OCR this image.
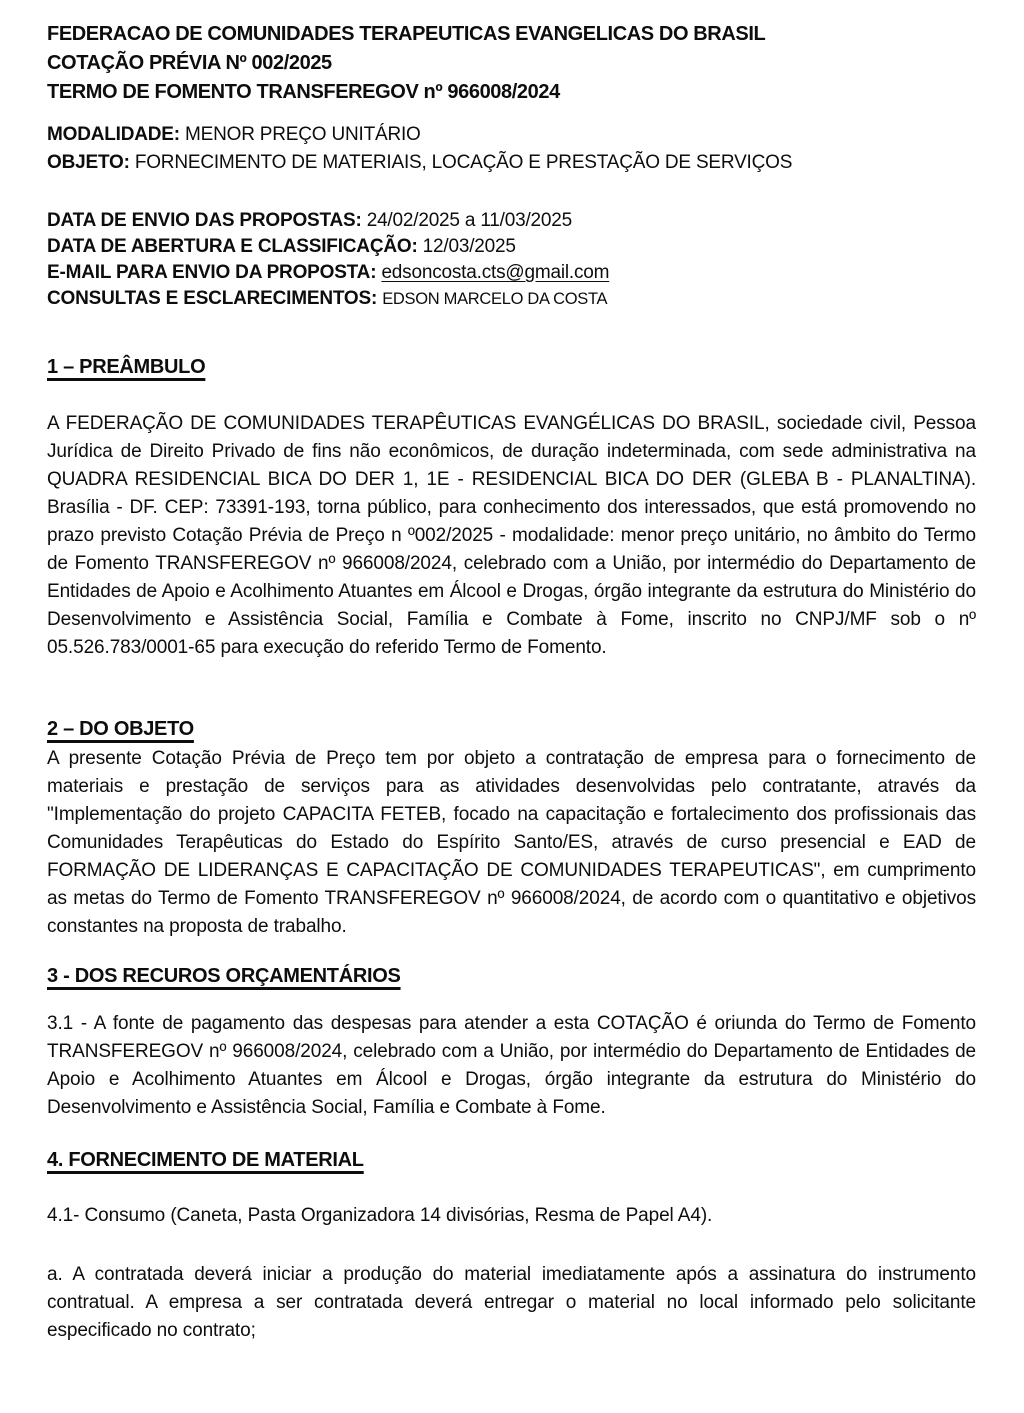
FEDERACAO DE COMUNIDADES TERAPEUTICAS EVANGELICAS DO BRASIL
COTAÇÃO PRÉVIA Nº 002/2025
TERMO DE FOMENTO TRANSFEREGOV nº 966008/2024
MODALIDADE: MENOR PREÇO UNITÁRIO
OBJETO: FORNECIMENTO DE MATERIAIS, LOCAÇÃO E PRESTAÇÃO DE SERVIÇOS
DATA DE ENVIO DAS PROPOSTAS: 24/02/2025 a 11/03/2025
DATA DE ABERTURA E CLASSIFICAÇÃO: 12/03/2025
E-MAIL PARA ENVIO DA PROPOSTA: edsoncosta.cts@gmail.com
CONSULTAS E ESCLARECIMENTOS: EDSON MARCELO DA COSTA
1 – PREÂMBULO

A FEDERAÇÃO DE COMUNIDADES TERAPÊUTICAS EVANGÉLICAS DO BRASIL, sociedade civil, Pessoa Jurídica de Direito Privado de fins não econômicos, de duração indeterminada, com sede administrativa na QUADRA RESIDENCIAL BICA DO DER 1, 1E - RESIDENCIAL BICA DO DER (GLEBA B - PLANALTINA). Brasília - DF. CEP: 73391-193, torna público, para conhecimento dos interessados, que está promovendo no prazo previsto Cotação Prévia de Preço n º002/2025 - modalidade: menor preço unitário, no âmbito do Termo de Fomento TRANSFEREGOV nº 966008/2024, celebrado com a União, por intermédio do Departamento de Entidades de Apoio e Acolhimento Atuantes em Álcool e Drogas, órgão integrante da estrutura do Ministério do Desenvolvimento e Assistência Social, Família e Combate à Fome, inscrito no CNPJ/MF sob o nº 05.526.783/0001-65 para execução do referido Termo de Fomento.

2 – DO OBJETO

A presente Cotação Prévia de Preço tem por objeto a contratação de empresa para o fornecimento de materiais e prestação de serviços para as atividades desenvolvidas pelo contratante, através da "Implementação do projeto CAPACITA FETEB, focado na capacitação e fortalecimento dos profissionais das Comunidades Terapêuticas do Estado do Espírito Santo/ES, através de curso presencial e EAD de FORMAÇÃO DE LIDERANÇAS E CAPACITAÇÃO DE COMUNIDADES TERAPEUTICAS", em cumprimento as metas do Termo de Fomento TRANSFEREGOV nº 966008/2024, de acordo com o quantitativo e objetivos constantes na proposta de trabalho.

3 - DOS RECUROS ORÇAMENTÁRIOS

3.1 - A fonte de pagamento das despesas para atender a esta COTAÇÃO é oriunda do Termo de Fomento TRANSFEREGOV nº 966008/2024, celebrado com a União, por intermédio do Departamento de Entidades de Apoio e Acolhimento Atuantes em Álcool e Drogas, órgão integrante da estrutura do Ministério do Desenvolvimento e Assistência Social, Família e Combate à Fome.

4. FORNECIMENTO DE MATERIAL

4.1- Consumo (Caneta, Pasta Organizadora 14 divisórias, Resma de Papel A4).

a. A contratada deverá iniciar a produção do material imediatamente após a assinatura do instrumento contratual. A empresa a ser contratada deverá entregar o material no local informado pelo solicitante especificado no contrato;
